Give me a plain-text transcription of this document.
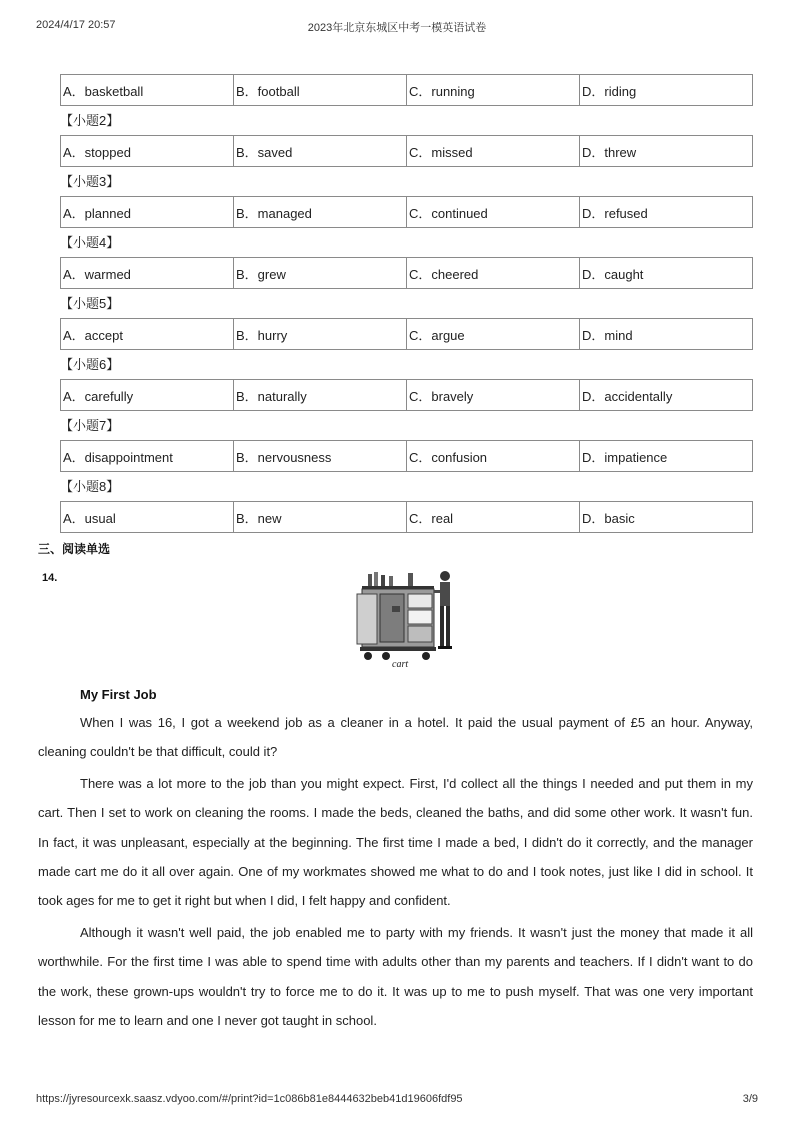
2024/4/17 20:57	2023年北京东城区中考一模英语试卷
A．basketball	B．football	C．running	D．riding
【小题2】
A．stopped	B．saved	C．missed	D．threw
【小题3】
A．planned	B．managed	C．continued	D．refused
【小题4】
A．warmed	B．grew	C．cheered	D．caught
【小题5】
A．accept	B．hurry	C．argue	D．mind
【小题6】
A．carefully	B．naturally	C．bravely	D．accidentally
【小题7】
A．disappointment	B．nervousness	C．confusion	D．impatience
【小题8】
A．usual	B．new	C．real	D．basic
三、阅读单选
14.
cart
My First Job

When I was 16, I got a weekend job as a cleaner in a hotel. It paid the usual payment of £5 an hour. Anyway, cleaning couldn't be that difficult, could it?

There was a lot more to the job than you might expect. First, I'd collect all the things I needed and put them in my cart. Then I set to work on cleaning the rooms. I made the beds, cleaned the baths, and did some other work. It wasn't fun. In fact, it was unpleasant, especially at the beginning. The first time I made a bed, I didn't do it correctly, and the manager made cart me do it all over again. One of my workmates showed me what to do and I took notes, just like I did in school. It took ages for me to get it right but when I did, I felt happy and confident.

Although it wasn't well paid, the job enabled me to party with my friends. It wasn't just the money that made it all worthwhile. For the first time I was able to spend time with adults other than my parents and teachers. If I didn't want to do the work, these grown-ups wouldn't try to force me to do it. It was up to me to push myself. That was one very important lesson for me to learn and one I never got taught in school.

https://jyresourcexk.saasz.vdyoo.com/#/print?id=1c086b81e8444632beb41d19606fdf95	3/9
